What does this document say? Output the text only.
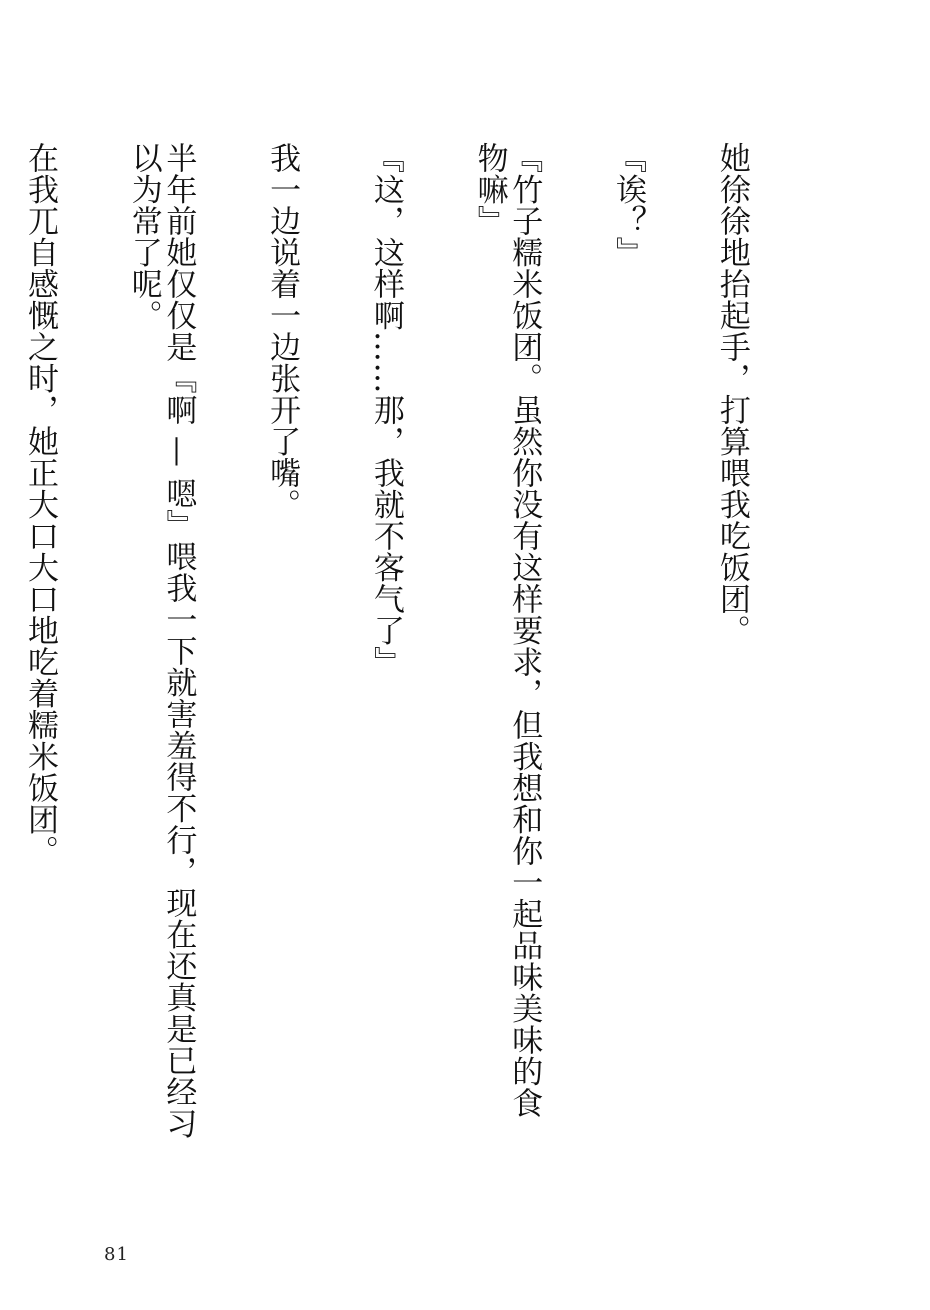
她徐徐地抬起手，打算喂我吃饭团。

『诶？』

『竹子糯米饭团。虽然你没有这样要求，但我想和你一起品味美味的食物嘛』

『这，这样啊……那，我就不客气了』

我一边说着一边张开了嘴。

半年前她仅仅是『啊 — 嗯』喂我一下就害羞得不行，现在还真是已经习以为常了呢。

在我兀自感慨之时，她正大口大口地吃着糯米饭团。

81
